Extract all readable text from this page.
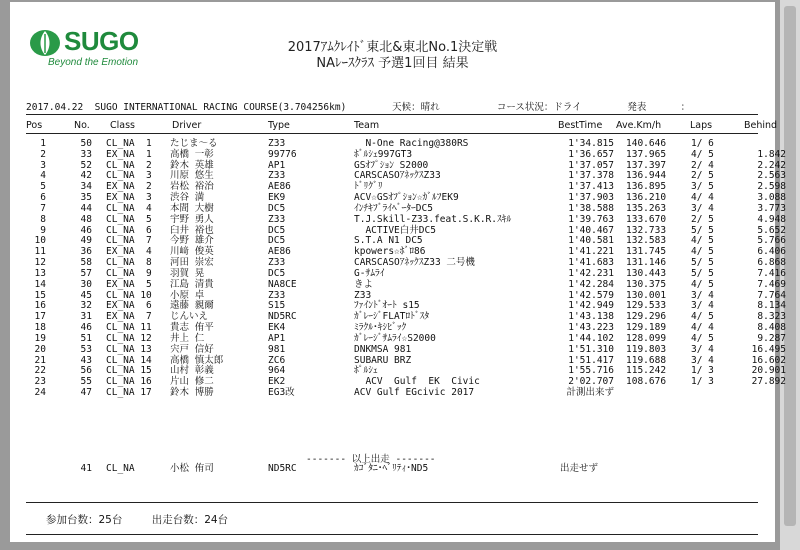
SUGO
Beyond the Emotion
2017ｱﾑｸﾚｲﾄﾞ東北&東北No.1決定戦
NAﾚｰｽｸﾗｽ 予選1回目 結果
2017.04.22 SUGO INTERNATIONAL RACING COURSE(3.704256km)	天候：晴れ	コース状況：ドライ	発表      ：
Pos	No. Class	Driver	Type	Team	BestTime Ave.Km/h	Laps	Behind
1	50 CL_NA  1 たじま～る	Z33	N-One Racing@380RS	1'34.815 140.646	1/ 6
2	33 EX_NA  1 高橋 一彰	99776	ﾎﾞﾙｼｪ997GT3	1'36.657 137.965	4/ 5	1.842
3	52 CL_NA  2 鈴木 英雄	AP1	GSｵﾌﾟｼｮﾝ S2000	1'37.057 137.397	2/ 4	2.242
4	42 CL_NA  3 川原 悠生	Z33	CARSCASOｱﾈｯｸｽZ33	1'37.378 136.944	2/ 5	2.563
5	34 EX_NA  2 岩松 裕治	AE86	ﾄﾞﾘｸﾞﾘ	1'37.413 136.895	3/ 5	2.598
6	35 EX_NA  3 渋谷 満	EK9	ACV☆GSｵﾌﾟｼｮﾝ☆ｶﾞﾙﾌEK9	1'37.903 136.210	4/ 4	3.088
7	44 CL_NA  4 本間 大樹	DC5	ｲﾝﾁｷﾌﾞﾗｲﾍﾞｰﾀｰDC5	1'38.588 135.263	3/ 4	3.773
8	48 CL_NA  5 宇野 勇人	Z33	T.J.Skill-Z33.feat.S.K.R.ｽｷﾙ	1'39.763 133.670	2/ 5	4.948
9	46 CL_NA  6 臼井 裕也	DC5	ACTIVE白井DC5	1'40.467 132.733	5/ 5	5.652
10	49 CL_NA  7 今野 雄介	DC5	S.T.A N1 DC5	1'40.581 132.583	4/ 5	5.766
11	36 EX_NA  4 川﨑 俊英	AE86	kpowers☆ﾎﾞﾛ86	1'41.221 131.745	4/ 5	6.406
12	58 CL_NA  8 河田 崇宏	Z33	CARSCASOｱﾈｯｸｽZ33 二号機	1'41.683 131.146	5/ 5	6.868
13	57 CL_NA  9 羽賀 晃	DC5	G-ｻﾑﾗｲ	1'42.231 130.443	5/ 5	7.416
14	30 EX_NA  5 江島 清貴	NA8CE	きよ	1'42.284 130.375	4/ 5	7.469
15	45 CL_NA 10 小原 卓	Z33	Z33	1'42.579 130.001	3/ 4	7.764
16	32 EX_NA  6 遠藤 親爾	S15	ﾌｧｲﾝﾄﾞｵｰﾄ s15	1'42.949 129.533	3/ 4	8.134
17	31 EX_NA  7 じんいえ	ND5RC	ｶﾞﾚｰｼﾞFLATﾛﾄﾞｽﾀ	1'43.138 129.296	4/ 5	8.323
18	46 CL_NA 11 貴志 侑平	EK4	ﾐﾗｸﾙ･ｷｼﾋﾞｯｸ	1'43.223 129.189	4/ 4	8.408
19	51 CL_NA 12 井上 仁	AP1	ｶﾞﾚｰｼﾞｻﾑﾗｲ☆S2000	1'44.102 128.099	4/ 5	9.287
20	53 CL_NA 13 宍戸 信好	981	DNKMSA 981	1'51.310 119.803	3/ 4	16.495
21	43 CL_NA 14 高橋 慎太郎	ZC6	SUBARU BRZ	1'51.417 119.688	3/ 4	16.602
22	56 CL_NA 15 山村 彰義	964	ﾎﾟﾙｼｪ	1'55.716 115.242	1/ 3	20.901
23	55 CL_NA 16 片山 修二	EK2	ACV  Gulf  EK  Civic	2'02.707 108.676	1/ 3	27.892
24	47 CL_NA 17 鈴木 博勝	EG3改	ACV Gulf EGcivic 2017	計測出来ず
------- 以上出走 -------
41 CL_NA	小松 侑司	ND5RC	ｶｺﾞﾀﾆ･ﾍﾞﾘﾃｨ･ND5	出走せず
参加台数：25台	出走台数：24台
